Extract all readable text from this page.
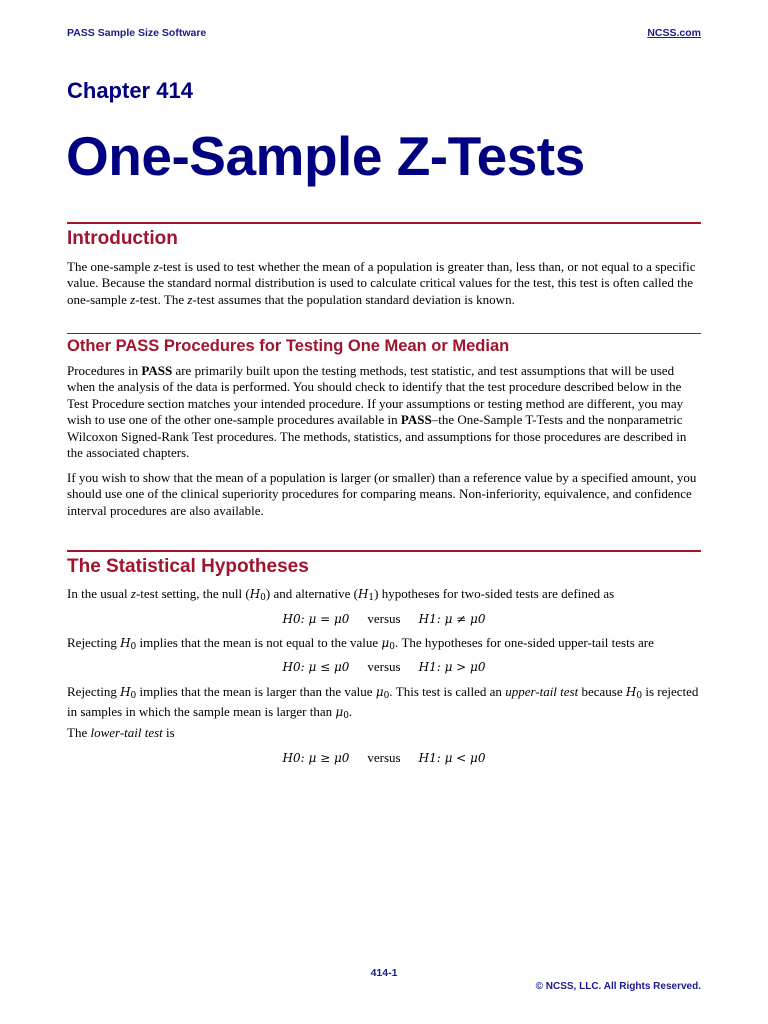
PASS Sample Size Software	NCSS.com
Chapter 414
One-Sample Z-Tests
Introduction

The one-sample z-test is used to test whether the mean of a population is greater than, less than, or not equal to a specific value. Because the standard normal distribution is used to calculate critical values for the test, this test is often called the one-sample z-test. The z-test assumes that the population standard deviation is known.

Other PASS Procedures for Testing One Mean or Median

Procedures in PASS are primarily built upon the testing methods, test statistic, and test assumptions that will be used when the analysis of the data is performed. You should check to identify that the test procedure described below in the Test Procedure section matches your intended procedure. If your assumptions or testing method are different, you may wish to use one of the other one-sample procedures available in PASS–the One-Sample T-Tests and the nonparametric Wilcoxon Signed-Rank Test procedures. The methods, statistics, and assumptions for those procedures are described in the associated chapters.

If you wish to show that the mean of a population is larger (or smaller) than a reference value by a specified amount, you should use one of the clinical superiority procedures for comparing means. Non-inferiority, equivalence, and confidence interval procedures are also available.

The Statistical Hypotheses

In the usual z-test setting, the null $(H_0)$ and alternative $(H_1)$ hypotheses for two-sided tests are defined as

H0: μ = μ0 versus H1: μ ≠ μ0

Rejecting $H_0$ implies that the mean is not equal to the value $\mu_0$. The hypotheses for one-sided upper-tail tests are

H0: μ ≤ μ0 versus H1: μ > μ0

Rejecting $H_0$ implies that the mean is larger than the value $\mu_0$. This test is called an upper-tail test because $H_0$ is rejected in samples in which the sample mean is larger than $\mu_0$.

The lower-tail test is

H0: μ ≥ μ0 versus H1: μ < μ0
414-1
© NCSS, LLC. All Rights Reserved.
